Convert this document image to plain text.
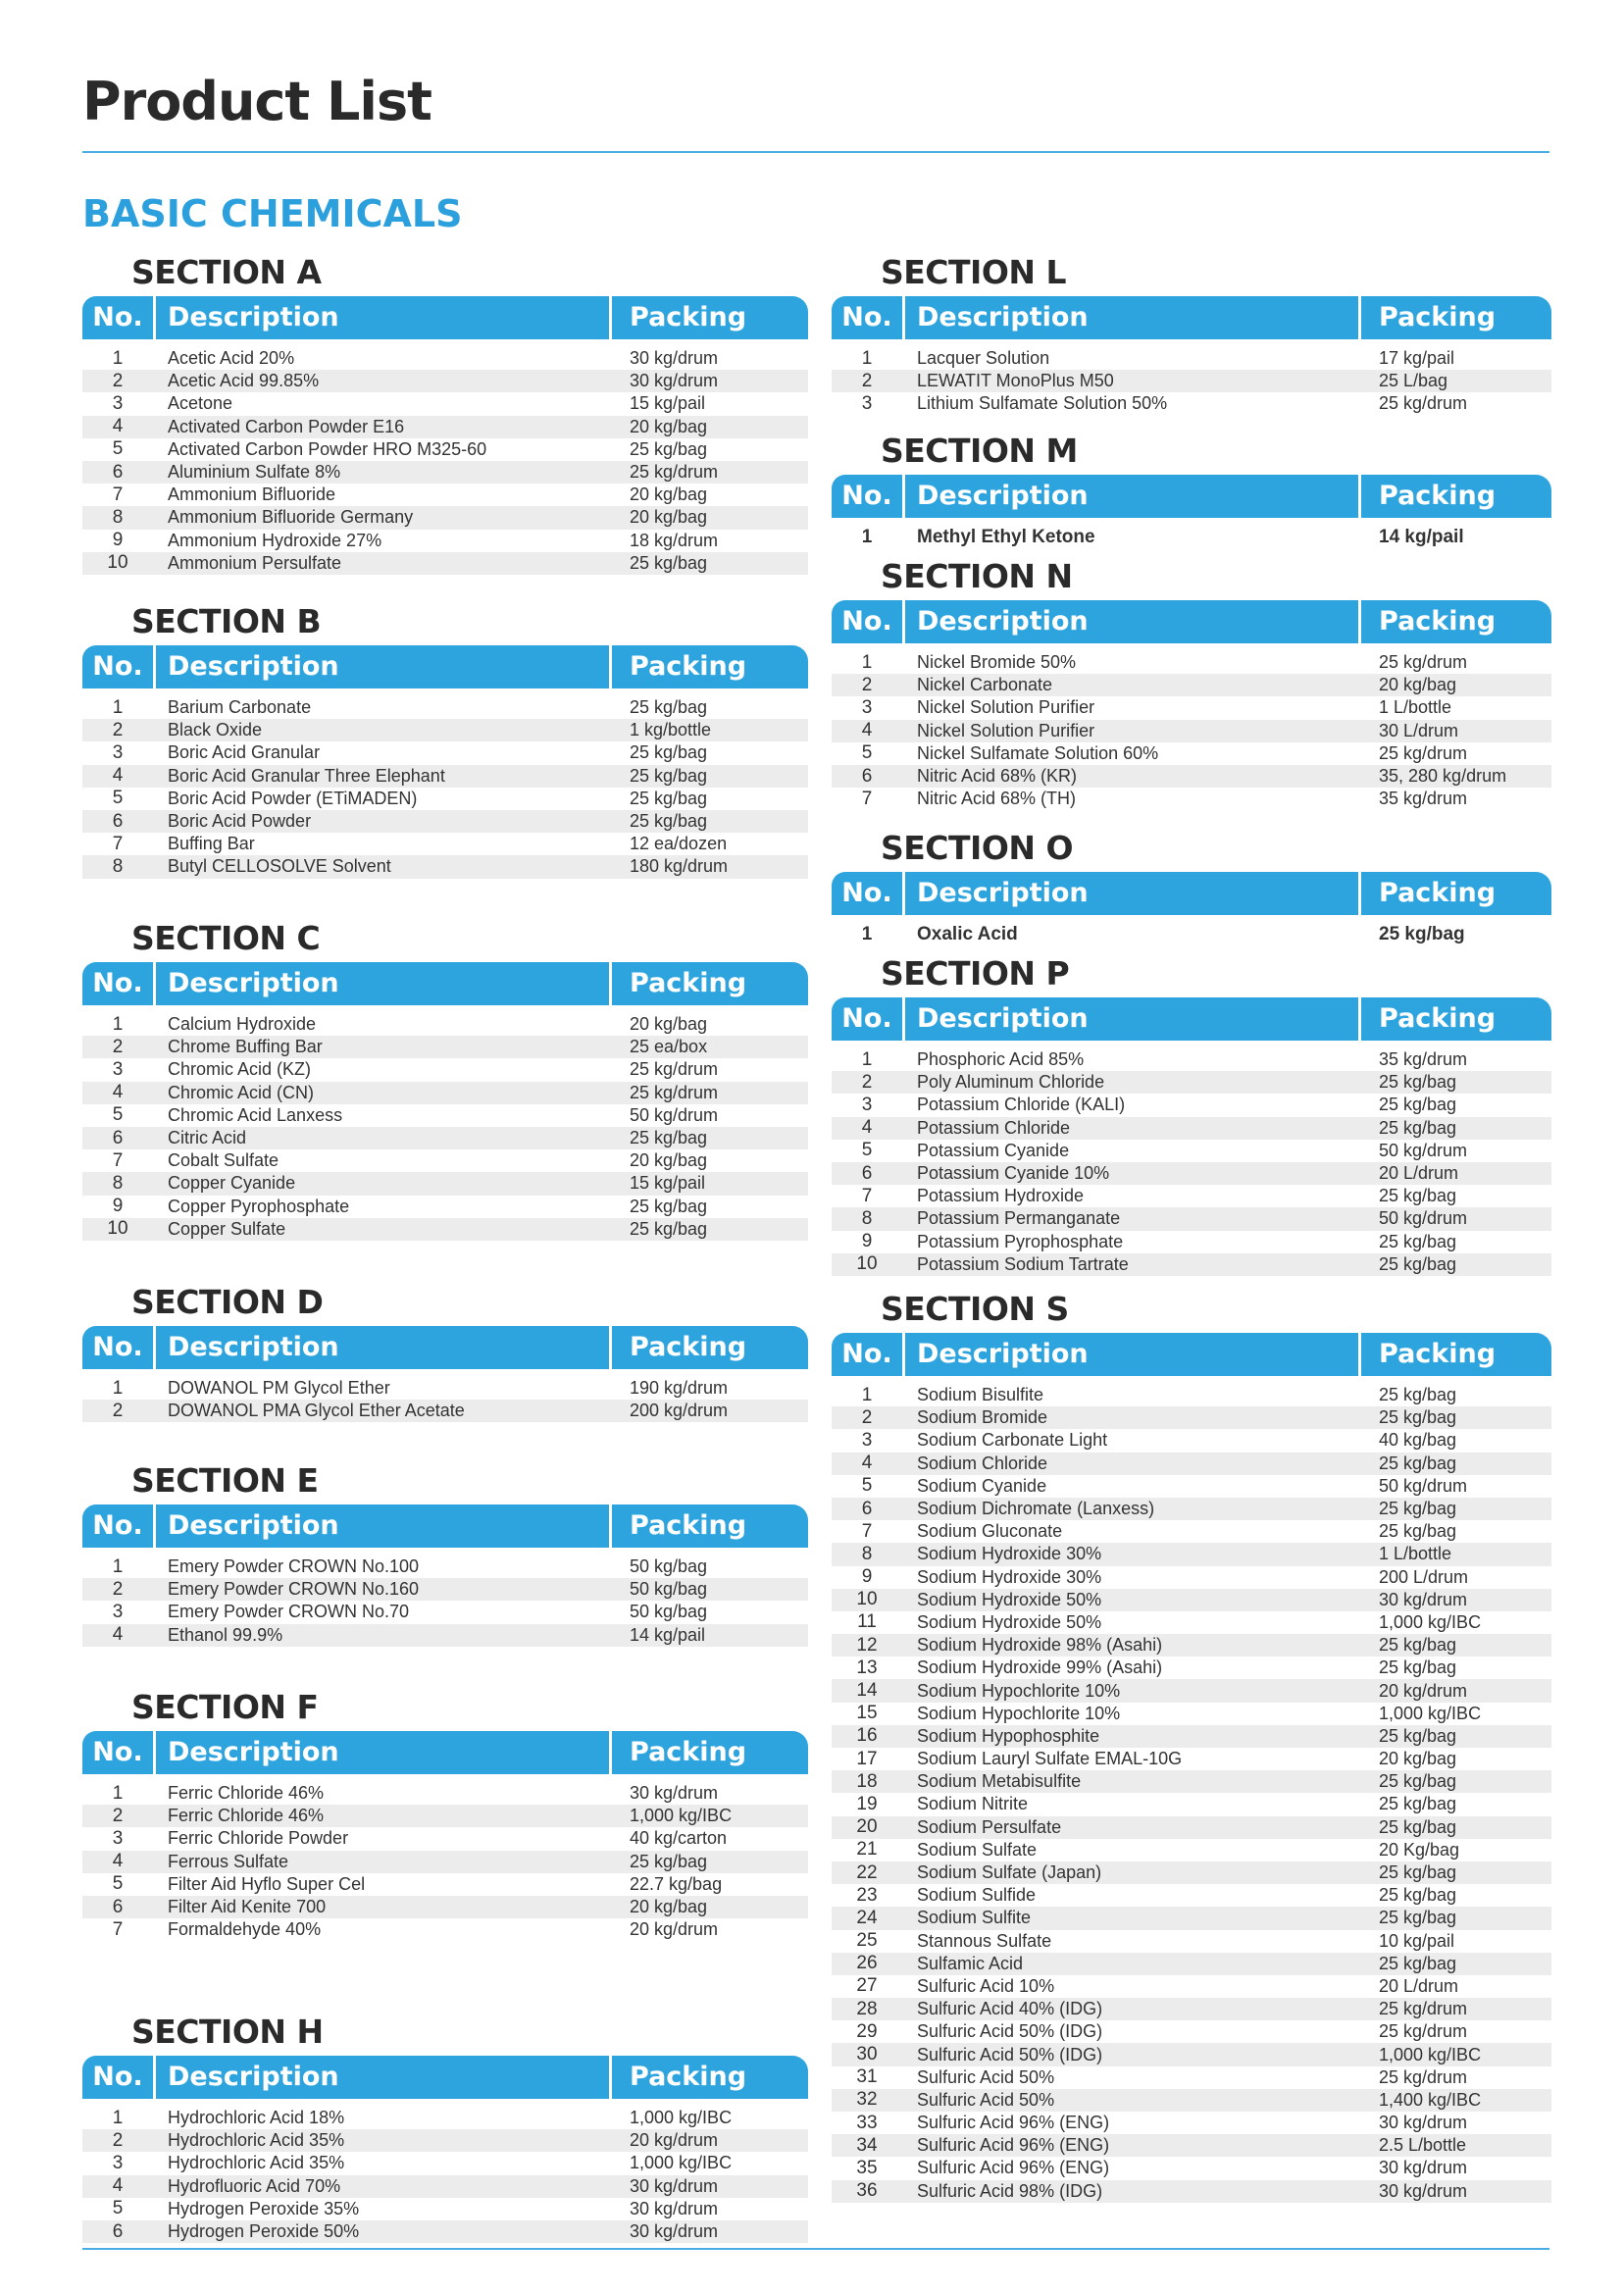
Product List
BASIC CHEMICALS
SECTION A
No. Description	Packing
1	Acetic Acid 20%	30 kg/drum
2	Acetic Acid 99.85%	30 kg/drum
3	Acetone	15 kg/pail
4	Activated Carbon Powder E16	20 kg/bag
5	Activated Carbon Powder HRO M325-60	25 kg/bag
6	Aluminium Sulfate 8%	25 kg/drum
7	Ammonium Bifluoride	20 kg/bag
8	Ammonium Bifluoride Germany	20 kg/bag
9	Ammonium Hydroxide 27%	18 kg/drum
10	Ammonium Persulfate	25 kg/bag
SECTION B
No. Description	Packing
1	Barium Carbonate	25 kg/bag
2	Black Oxide	1 kg/bottle
3	Boric Acid Granular	25 kg/bag
4	Boric Acid Granular Three Elephant	25 kg/bag
5	Boric Acid Powder (ETiMADEN)	25 kg/bag
6	Boric Acid Powder	25 kg/bag
7	Buffing Bar	12 ea/dozen
8	Butyl CELLOSOLVE Solvent	180 kg/drum
SECTION C
No. Description	Packing
1	Calcium Hydroxide	20 kg/bag
2	Chrome Buffing Bar	25 ea/box
3	Chromic Acid (KZ)	25 kg/drum
4	Chromic Acid (CN)	25 kg/drum
5	Chromic Acid Lanxess	50 kg/drum
6	Citric Acid	25 kg/bag
7	Cobalt Sulfate	20 kg/bag
8	Copper Cyanide	15 kg/pail
9	Copper Pyrophosphate	25 kg/bag
10	Copper Sulfate	25 kg/bag
SECTION D
No. Description	Packing
1	DOWANOL PM Glycol Ether	190 kg/drum
2	DOWANOL PMA Glycol Ether Acetate	200 kg/drum
SECTION E
No. Description	Packing
1	Emery Powder CROWN No.100	50 kg/bag
2	Emery Powder CROWN No.160	50 kg/bag
3	Emery Powder CROWN No.70	50 kg/bag
4	Ethanol 99.9%	14 kg/pail
SECTION F
No. Description	Packing
1	Ferric Chloride 46%	30 kg/drum
2	Ferric Chloride 46%	1,000 kg/IBC
3	Ferric Chloride Powder	40 kg/carton
4	Ferrous Sulfate	25 kg/bag
5	Filter Aid Hyflo Super Cel	22.7 kg/bag
6	Filter Aid Kenite 700	20 kg/bag
7	Formaldehyde 40%	20 kg/drum
SECTION H
No. Description	Packing
1	Hydrochloric Acid 18%	1,000 kg/IBC
2	Hydrochloric Acid 35%	20 kg/drum
3	Hydrochloric Acid 35%	1,000 kg/IBC
4	Hydrofluoric Acid 70%	30 kg/drum
5	Hydrogen Peroxide 35%	30 kg/drum
6	Hydrogen Peroxide 50%	30 kg/drum
SECTION L
No. Description	Packing
1	Lacquer Solution	17 kg/pail
2	LEWATIT MonoPlus M50	25 L/bag
3	Lithium Sulfamate Solution 50%	25 kg/drum
SECTION M
No. Description	Packing
1	Methyl Ethyl Ketone	14 kg/pail
SECTION N
No. Description	Packing
1	Nickel Bromide 50%	25 kg/drum
2	Nickel Carbonate	20 kg/bag
3	Nickel Solution Purifier	1 L/bottle
4	Nickel Solution Purifier	30 L/drum
5	Nickel Sulfamate Solution 60%	25 kg/drum
6	Nitric Acid 68% (KR)	35, 280 kg/drum
7	Nitric Acid 68% (TH)	35 kg/drum
SECTION O
No. Description	Packing
1	Oxalic Acid	25 kg/bag
SECTION P
No. Description	Packing
1	Phosphoric Acid 85%	35 kg/drum
2	Poly Aluminum Chloride	25 kg/bag
3	Potassium Chloride (KALI)	25 kg/bag
4	Potassium Chloride	25 kg/bag
5	Potassium Cyanide	50 kg/drum
6	Potassium Cyanide 10%	20 L/drum
7	Potassium Hydroxide	25 kg/bag
8	Potassium Permanganate	50 kg/drum
9	Potassium Pyrophosphate	25 kg/bag
10	Potassium Sodium Tartrate	25 kg/bag
SECTION S
No. Description	Packing
1	Sodium Bisulfite	25 kg/bag
2	Sodium Bromide	25 kg/bag
3	Sodium Carbonate Light	40 kg/bag
4	Sodium Chloride	25 kg/bag
5	Sodium Cyanide	50 kg/drum
6	Sodium Dichromate (Lanxess)	25 kg/bag
7	Sodium Gluconate	25 kg/bag
8	Sodium Hydroxide 30%	1 L/bottle
9	Sodium Hydroxide 30%	200 L/drum
10	Sodium Hydroxide 50%	30 kg/drum
11	Sodium Hydroxide 50%	1,000 kg/IBC
12	Sodium Hydroxide 98% (Asahi)	25 kg/bag
13	Sodium Hydroxide 99% (Asahi)	25 kg/bag
14	Sodium Hypochlorite 10%	20 kg/drum
15	Sodium Hypochlorite 10%	1,000 kg/IBC
16	Sodium Hypophosphite	25 kg/bag
17	Sodium Lauryl Sulfate EMAL-10G	20 kg/bag
18	Sodium Metabisulfite	25 kg/bag
19	Sodium Nitrite	25 kg/bag
20	Sodium Persulfate	25 kg/bag
21	Sodium Sulfate	20 Kg/bag
22	Sodium Sulfate (Japan)	25 kg/bag
23	Sodium Sulfide	25 kg/bag
24	Sodium Sulfite	25 kg/bag
25	Stannous Sulfate	10 kg/pail
26	Sulfamic Acid	25 kg/bag
27	Sulfuric Acid 10%	20 L/drum
28	Sulfuric Acid 40% (IDG)	25 kg/drum
29	Sulfuric Acid 50% (IDG)	25 kg/drum
30	Sulfuric Acid 50% (IDG)	1,000 kg/IBC
31	Sulfuric Acid 50%	25 kg/drum
32	Sulfuric Acid 50%	1,400 kg/IBC
33	Sulfuric Acid 96% (ENG)	30 kg/drum
34	Sulfuric Acid 96% (ENG)	2.5 L/bottle
35	Sulfuric Acid 96% (ENG)	30 kg/drum
36	Sulfuric Acid 98% (IDG)	30 kg/drum
